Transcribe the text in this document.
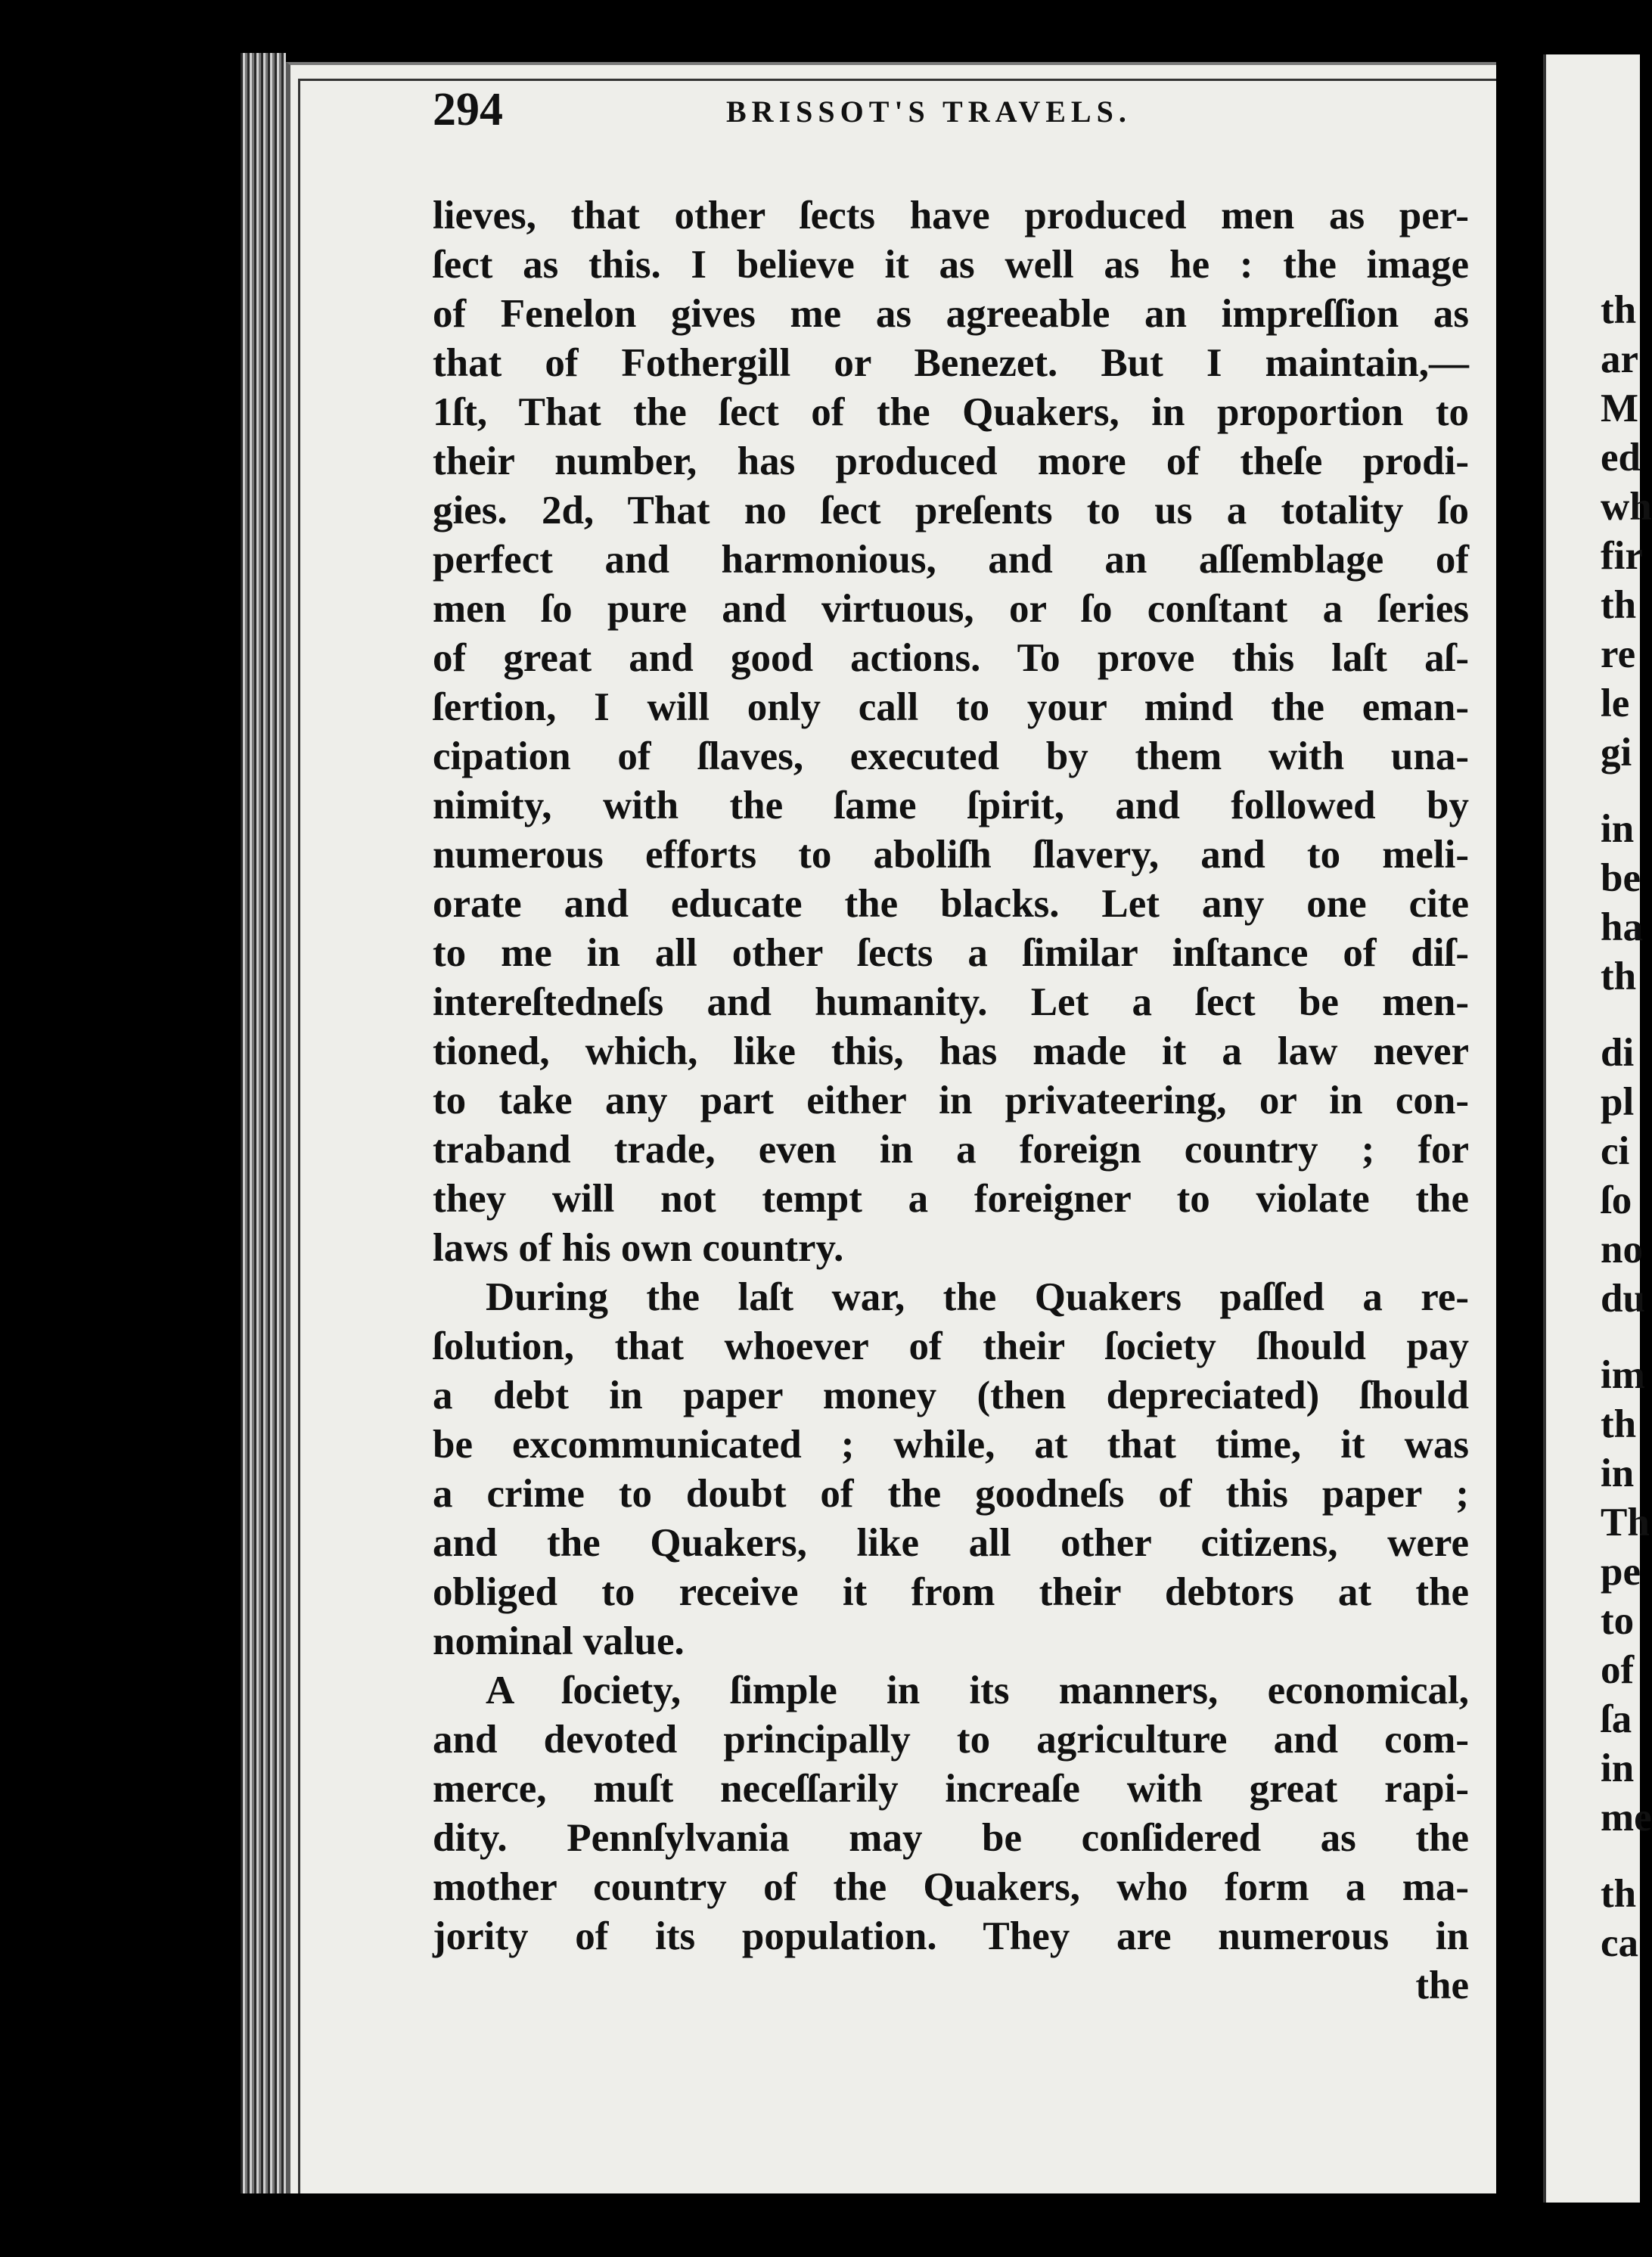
294	BRISSOT'S TRAVELS.
lieves, that other ſects have produced men as per-
ſect as this. I believe it as well as he : the image
of Fenelon gives me as agreeable an impreſſion as
that of Fothergill or Benezet. But I maintain,—
1ſt, That the ſect of the Quakers, in proportion to
their number, has produced more of theſe prodi-
gies. 2d, That no ſect preſents to us a totality ſo
perfect and harmonious, and an aſſemblage of
men ſo pure and virtuous, or ſo conſtant a ſeries
of great and good actions. To prove this laſt aſ-
ſertion, I will only call to your mind the eman-
cipation of ſlaves, executed by them with una-
nimity, with the ſame ſpirit, and followed by
numerous efforts to aboliſh ſlavery, and to meli-
orate and educate the blacks. Let any one cite
to me in all other ſects a ſimilar inſtance of diſ-
intereſtedneſs and humanity. Let a ſect be men-
tioned, which, like this, has made it a law never
to take any part either in privateering, or in con-
traband trade, even in a foreign country ; for
they will not tempt a foreigner to violate the
laws of his own country.
During the laſt war, the Quakers paſſed a re-
ſolution, that whoever of their ſociety ſhould pay
a debt in paper money (then depreciated) ſhould
be excommunicated ; while, at that time, it was
a crime to doubt of the goodneſs of this paper ;
and the Quakers, like all other citizens, were
obliged to receive it from their debtors at the
nominal value.
A ſociety, ſimple in its manners, economical,
and devoted principally to agriculture and com-
merce, muſt neceſſarily increaſe with great rapi-
dity. Pennſylvania may be conſidered as the
mother country of the Quakers, who form a ma-
jority of its population. They are numerous in
the
th
ar
M
ed
wh
fir
th
re
le
gi
in
be
ha
th
di
pl
ci
ſo
no
du
im
th
in
Th
pe
to
of
ſa
in
me
th
ca
